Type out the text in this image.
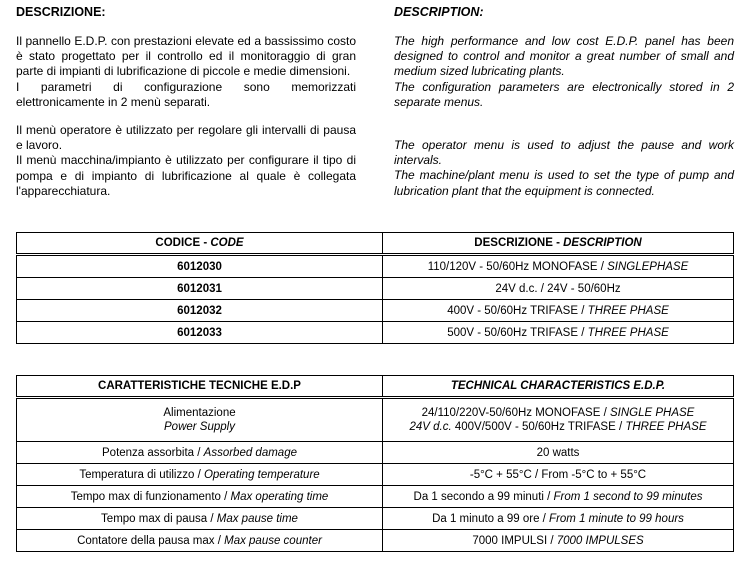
DESCRIZIONE:

Il pannello E.D.P. con prestazioni elevate ed a bassissimo costo è stato progettato per il controllo ed il monitoraggio di gran parte di impianti di lubrificazione di piccole e medie dimensioni.

I parametri di configurazione sono memorizzati elettronicamente in 2 menù separati.

Il menù operatore è utilizzato per regolare gli intervalli di pausa e lavoro.

Il menù macchina/impianto è utilizzato per configurare il tipo di pompa e di impianto di lubrificazione al quale è collegata l'apparecchiatura.

DESCRIPTION:

The high performance and low cost E.D.P. panel has been designed to control and monitor a great number of small and medium sized lubricating plants.

The configuration parameters are electronically stored in 2 separate menus.

The operator menu is used to adjust the pause and work intervals.

The machine/plant menu is used to set the type of pump and lubrication plant that the equipment is connected.

CODICE - CODE	DESCRIZIONE - DESCRIPTION
6012030	110/120V - 50/60Hz MONOFASE / SINGLEPHASE
6012031	24V d.c. / 24V - 50/60Hz
6012032	400V - 50/60Hz TRIFASE / THREE PHASE
6012033	500V - 50/60Hz TRIFASE / THREE PHASE
CARATTERISTICHE TECNICHE E.D.P	TECHNICAL CHARACTERISTICS E.D.P.
Alimentazione
Power Supply	24/110/220V-50/60Hz MONOFASE / SINGLE PHASE
24V d.c. 400V/500V - 50/60Hz TRIFASE / THREE PHASE
Potenza assorbita / Assorbed damage	20 watts
Temperatura di utilizzo / Operating temperature	-5°C + 55°C / From -5°C to + 55°C
Tempo max di funzionamento / Max operating time	Da 1 secondo a 99 minuti / From 1 second to 99 minutes
Tempo max di pausa / Max pause time	Da 1 minuto a 99 ore / From 1 minute to 99 hours
Contatore della pausa max / Max pause counter	7000 IMPULSI / 7000 IMPULSES
